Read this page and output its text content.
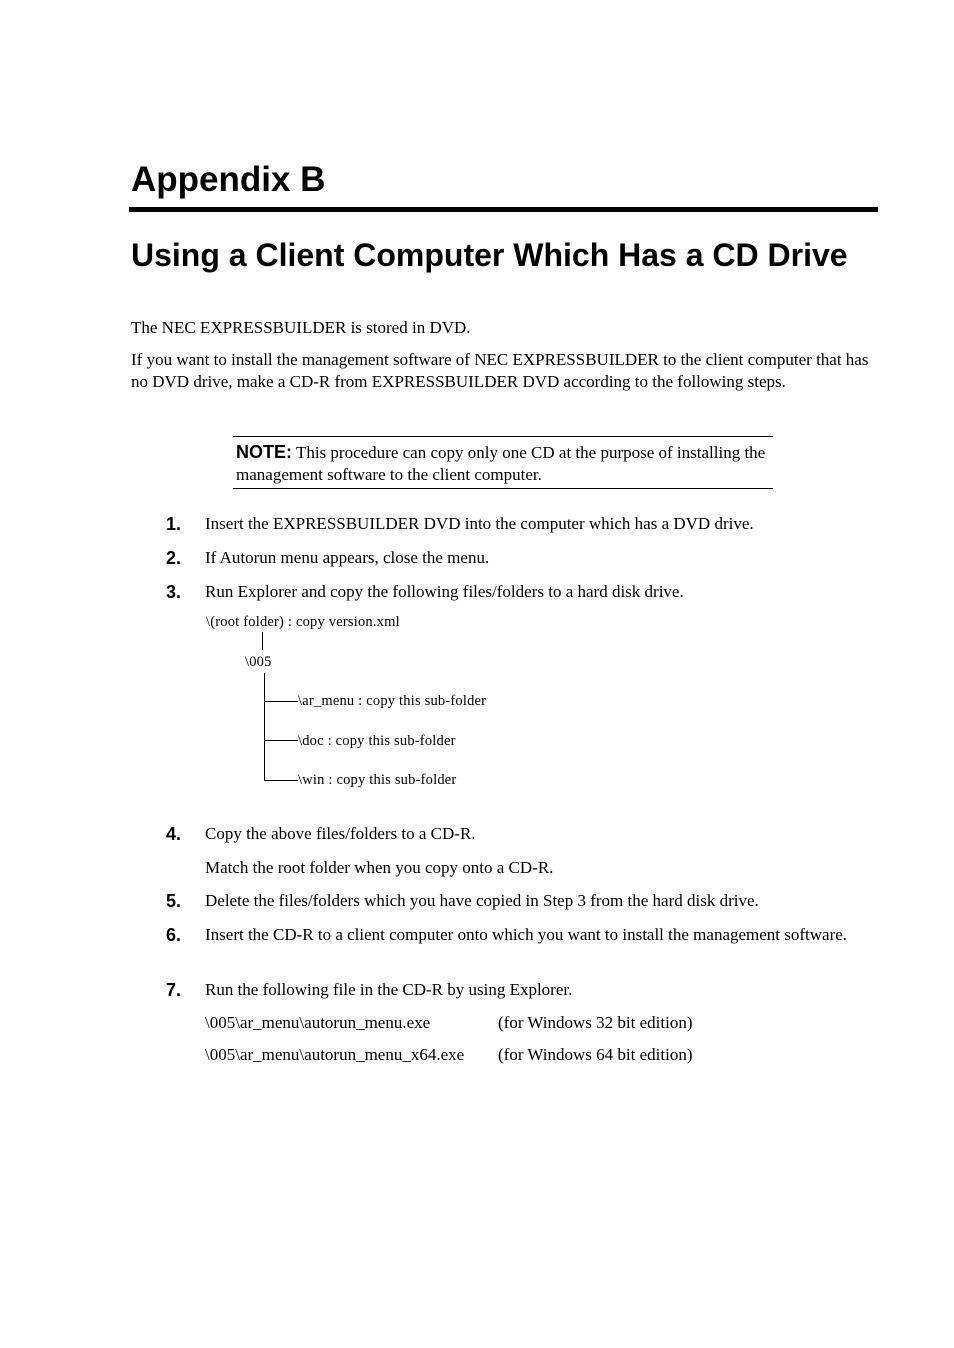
Appendix B
Using a Client Computer Which Has a CD Drive
The NEC EXPRESSBUILDER is stored in DVD.
If you want to install the management software of NEC EXPRESSBUILDER to the client computer that has no DVD drive, make a CD-R from EXPRESSBUILDER DVD according to the following steps.
NOTE: This procedure can copy only one CD at the purpose of installing the management software to the client computer.
1. Insert the EXPRESSBUILDER DVD into the computer which has a DVD drive.
2. If Autorun menu appears, close the menu.
3. Run Explorer and copy the following files/folders to a hard disk drive.
\(root folder) : copy version.xml
\005
\ar_menu : copy this sub-folder
\doc : copy this sub-folder
\win : copy this sub-folder
4. Copy the above files/folders to a CD-R.
Match the root folder when you copy onto a CD-R.
5. Delete the files/folders which you have copied in Step 3 from the hard disk drive.
6. Insert the CD-R to a client computer onto which you want to install the management software.
7. Run the following file in the CD-R by using Explorer.
\005\ar_menu\autorun_menu.exe	(for Windows 32 bit edition)
\005\ar_menu\autorun_menu_x64.exe (for Windows 64 bit edition)
